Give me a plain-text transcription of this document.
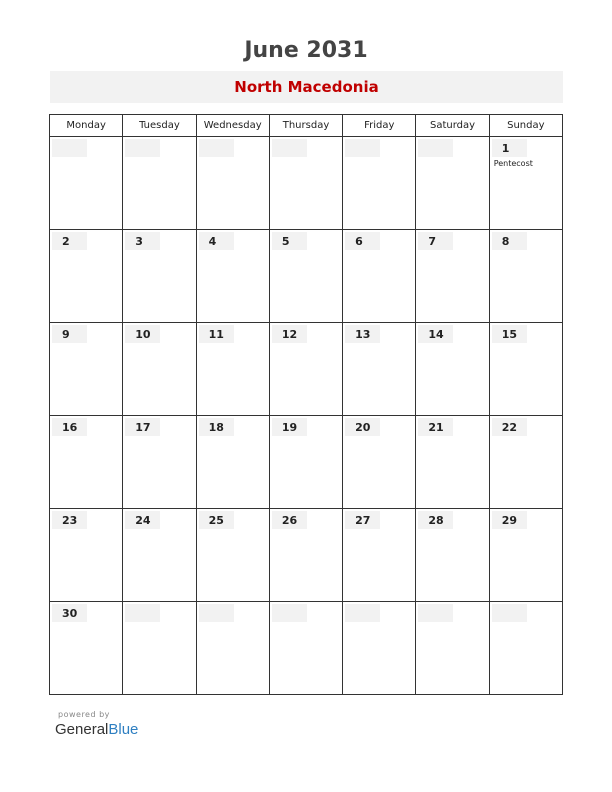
June 2031
North Macedonia
Monday	Tuesday	Wednesday	Thursday	Friday	Saturday	Sunday

						1
Pentecost

2	3	4	5	6	7	8

9	10	11	12	13	14	15

16	17	18	19	20	21	22

23	24	25	26	27	28	29

30						

powered by
GeneralBlue
